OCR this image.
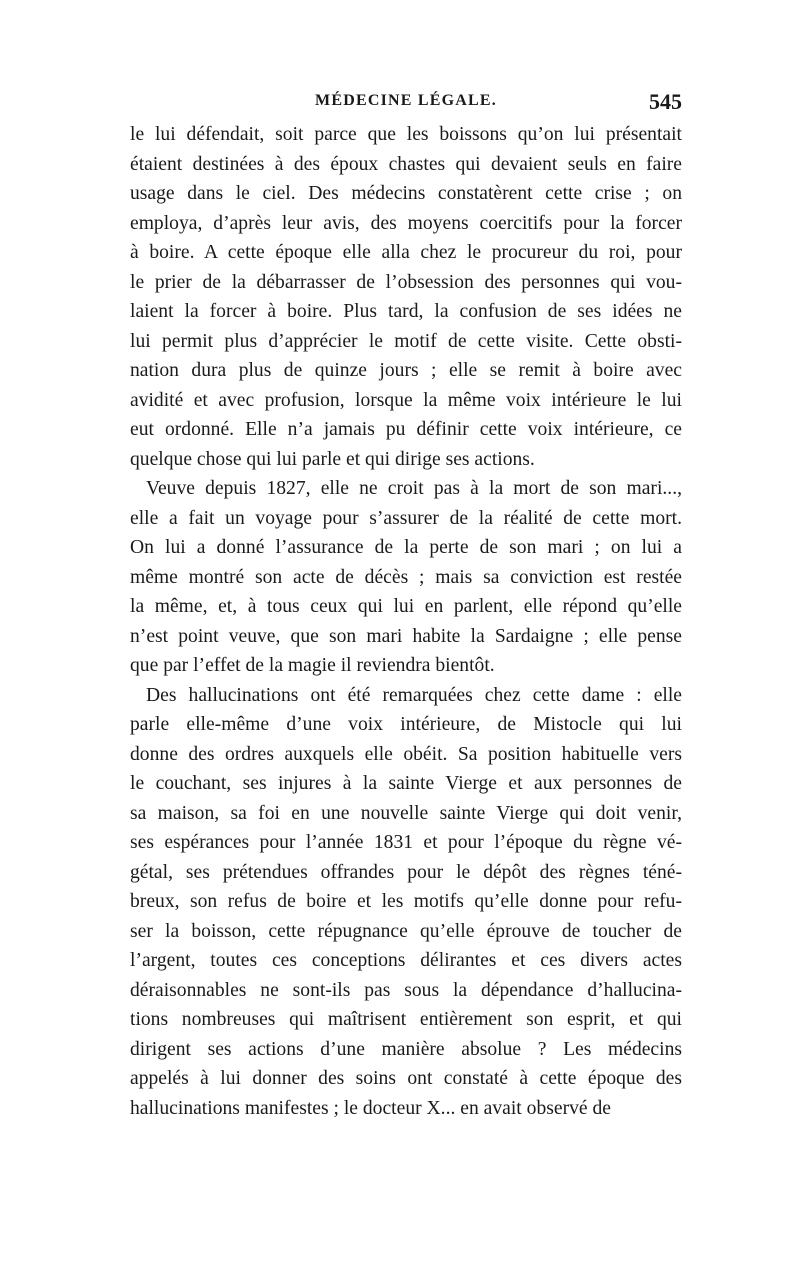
MÉDECINE LÉGALE.	545
le lui défendait, soit parce que les boissons qu’on lui présentait
étaient destinées à des époux chastes qui devaient seuls en faire
usage dans le ciel. Des médecins constatèrent cette crise ; on
employa, d’après leur avis, des moyens coercitifs pour la forcer
à boire. A cette époque elle alla chez le procureur du roi, pour
le prier de la débarrasser de l’obsession des personnes qui vou-
laient la forcer à boire. Plus tard, la confusion de ses idées ne
lui permit plus d’apprécier le motif de cette visite. Cette obsti-
nation dura plus de quinze jours ; elle se remit à boire avec
avidité et avec profusion, lorsque la même voix intérieure le lui
eut ordonné. Elle n’a jamais pu définir cette voix intérieure, ce
quelque chose qui lui parle et qui dirige ses actions.
Veuve depuis 1827, elle ne croit pas à la mort de son mari...,
elle a fait un voyage pour s’assurer de la réalité de cette mort.
On lui a donné l’assurance de la perte de son mari ; on lui a
même montré son acte de décès ; mais sa conviction est restée
la même, et, à tous ceux qui lui en parlent, elle répond qu’elle
n’est point veuve, que son mari habite la Sardaigne ; elle pense
que par l’effet de la magie il reviendra bientôt.
Des hallucinations ont été remarquées chez cette dame : elle
parle elle-même d’une voix intérieure, de Mistocle qui lui
donne des ordres auxquels elle obéit. Sa position habituelle vers
le couchant, ses injures à la sainte Vierge et aux personnes de
sa maison, sa foi en une nouvelle sainte Vierge qui doit venir,
ses espérances pour l’année 1831 et pour l’époque du règne vé-
gétal, ses prétendues offrandes pour le dépôt des règnes téné-
breux, son refus de boire et les motifs qu’elle donne pour refu-
ser la boisson, cette répugnance qu’elle éprouve de toucher de
l’argent, toutes ces conceptions délirantes et ces divers actes
déraisonnables ne sont-ils pas sous la dépendance d’hallucina-
tions nombreuses qui maîtrisent entièrement son esprit, et qui
dirigent ses actions d’une manière absolue ? Les médecins
appelés à lui donner des soins ont constaté à cette époque des
hallucinations manifestes ; le docteur X... en avait observé de
